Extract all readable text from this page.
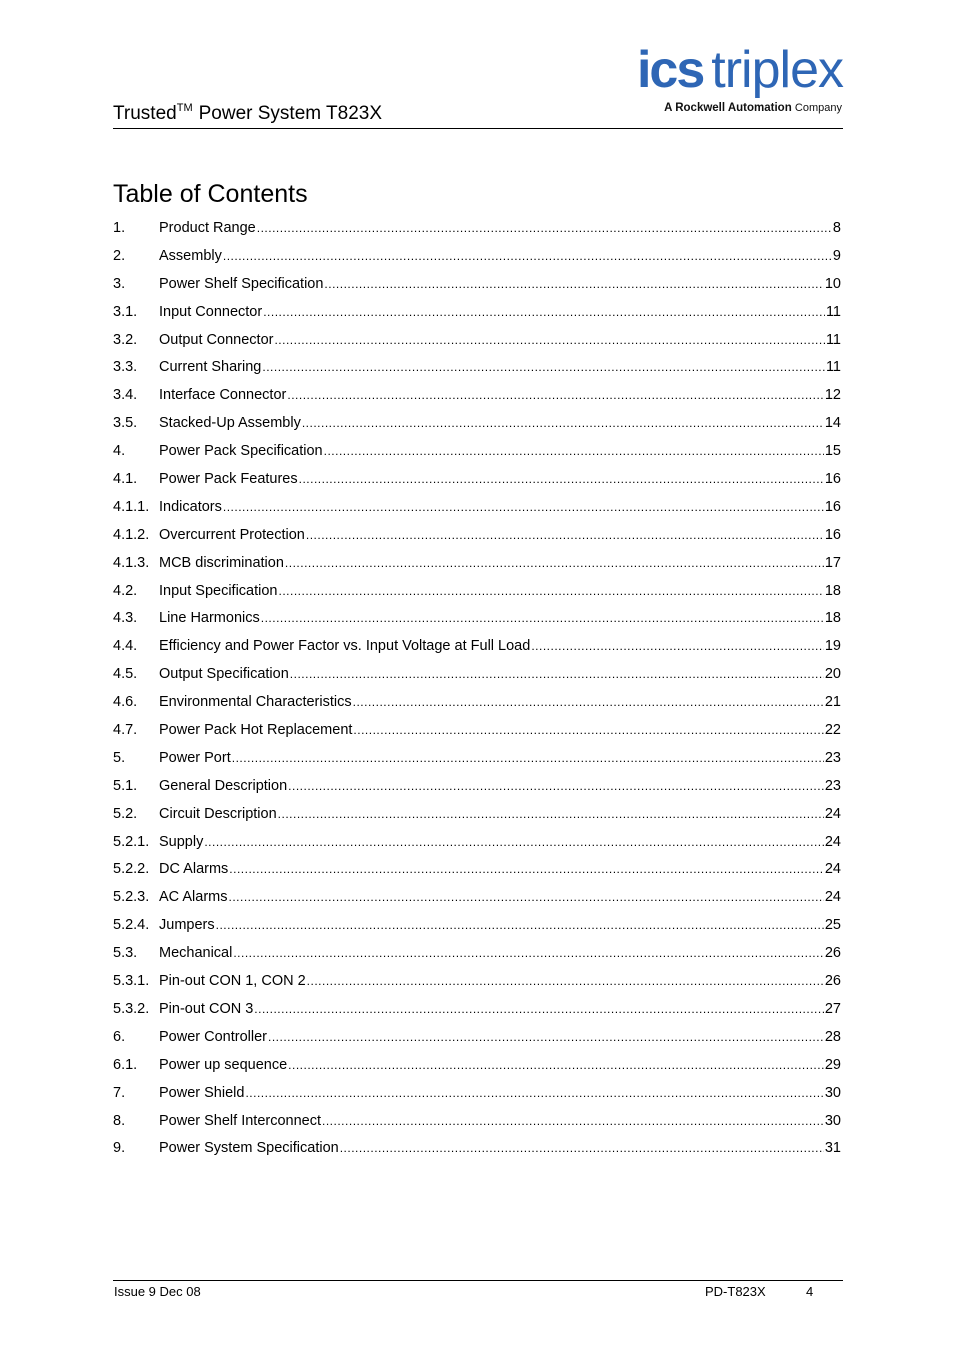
Trusted™ Power System T823X
ics triplex
A Rockwell Automation Company
Table of Contents
1.	Product Range .....	8
2.	Assembly .....	9
3.	Power Shelf Specification .....	10
3.1.	Input Connector .....	11
3.2.	Output Connector .....	11
3.3.	Current Sharing .....	11
3.4.	Interface Connector .....	12
3.5.	Stacked-Up Assembly .....	14
4.	Power Pack Specification .....	15
4.1.	Power Pack Features .....	16
4.1.1. Indicators .....	16
4.1.2. Overcurrent Protection .....	16
4.1.3. MCB discrimination .....	17
4.2.	Input Specification .....	18
4.3.	Line Harmonics .....	18
4.4.	Efficiency and Power Factor vs. Input Voltage at Full Load .....	19
4.5.	Output Specification .....	20
4.6.	Environmental Characteristics .....	21
4.7.	Power Pack Hot Replacement .....	22
5.	Power Port .....	23
5.1.	General Description .....	23
5.2.	Circuit Description .....	24
5.2.1. Supply .....	24
5.2.2. DC Alarms .....	24
5.2.3. AC Alarms .....	24
5.2.4. Jumpers .....	25
5.3.	Mechanical .....	26
5.3.1. Pin-out CON 1, CON 2 .....	26
5.3.2. Pin-out CON 3 .....	27
6.	Power Controller .....	28
6.1.	Power up sequence .....	29
7.	Power Shield .....	30
8.	Power Shelf Interconnect .....	30
9.	Power System Specification .....	31
Issue 9 Dec 08	PD-T823X	4
